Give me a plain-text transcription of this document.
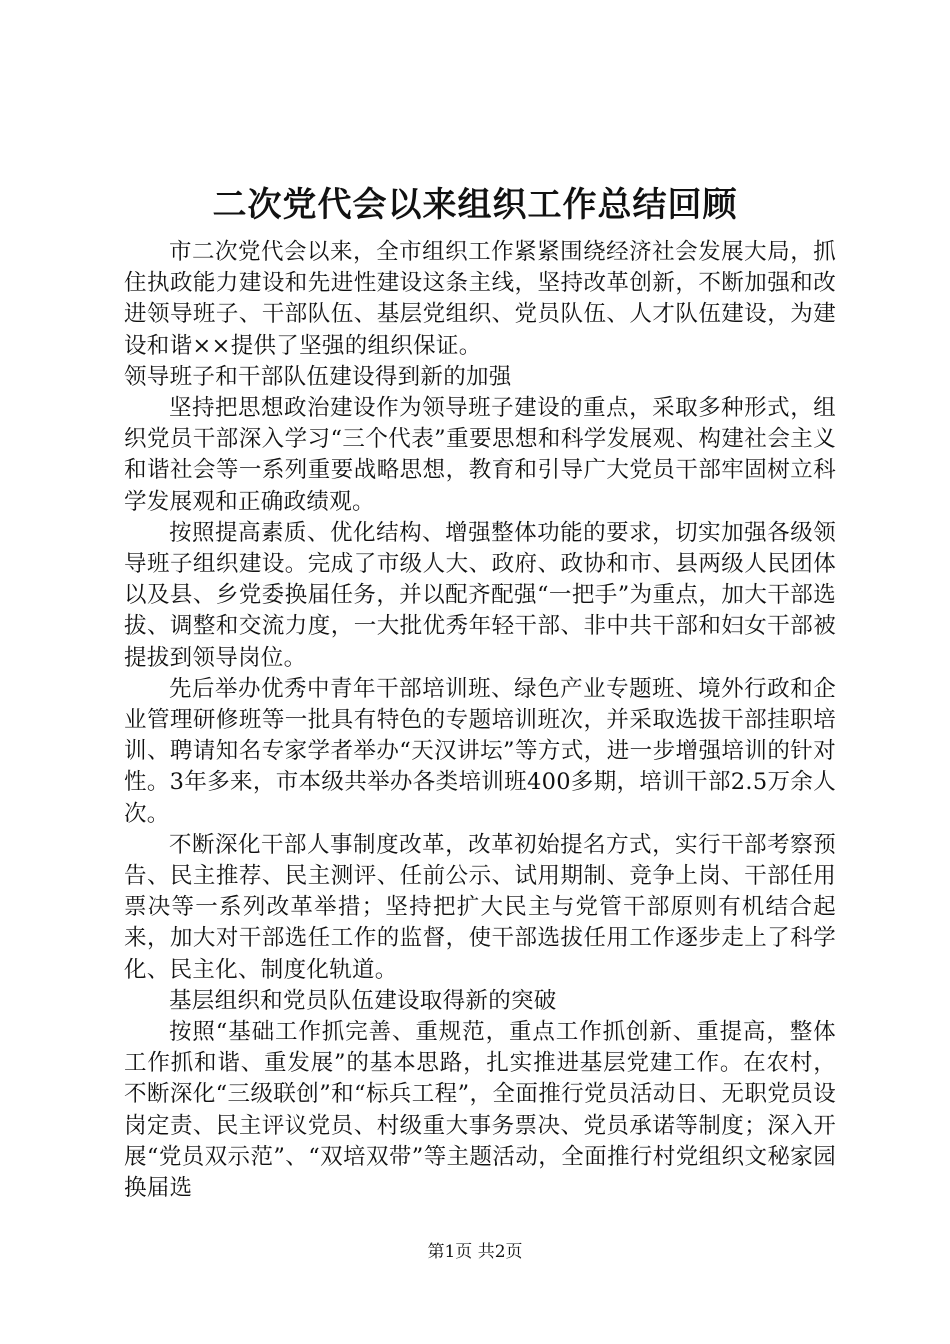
二次党代会以来组织工作总结回顾

市二次党代会以来，全市组织工作紧紧围绕经济社会发展大局，抓住执政能力建设和先进性建设这条主线，坚持改革创新，不断加强和改进领导班子、干部队伍、基层党组织、党员队伍、人才队伍建设，为建设和谐××提供了坚强的组织保证。

领导班子和干部队伍建设得到新的加强

坚持把思想政治建设作为领导班子建设的重点，采取多种形式，组织党员干部深入学习“三个代表”重要思想和科学发展观、构建社会主义和谐社会等一系列重要战略思想，教育和引导广大党员干部牢固树立科学发展观和正确政绩观。

按照提高素质、优化结构、增强整体功能的要求，切实加强各级领导班子组织建设。完成了市级人大、政府、政协和市、县两级人民团体以及县、乡党委换届任务，并以配齐配强“一把手”为重点，加大干部选拔、调整和交流力度，一大批优秀年轻干部、非中共干部和妇女干部被提拔到领导岗位。

先后举办优秀中青年干部培训班、绿色产业专题班、境外行政和企业管理研修班等一批具有特色的专题培训班次，并采取选拔干部挂职培训、聘请知名专家学者举办“天汉讲坛”等方式，进一步增强培训的针对性。3年多来，市本级共举办各类培训班400多期，培训干部2.5万余人次。

不断深化干部人事制度改革，改革初始提名方式，实行干部考察预告、民主推荐、民主测评、任前公示、试用期制、竞争上岗、干部任用票决等一系列改革举措；坚持把扩大民主与党管干部原则有机结合起来，加大对干部选任工作的监督，使干部选拔任用工作逐步走上了科学化、民主化、制度化轨道。

基层组织和党员队伍建设取得新的突破

按照“基础工作抓完善、重规范，重点工作抓创新、重提高，整体工作抓和谐、重发展”的基本思路，扎实推进基层党建工作。在农村，不断深化“三级联创”和“标兵工程”，全面推行党员活动日、无职党员设岗定责、民主评议党员、村级重大事务票决、党员承诺等制度；深入开展“党员双示范”、“双培双带”等主题活动，全面推行村党组织文秘家园换届选

第1页 共2页
